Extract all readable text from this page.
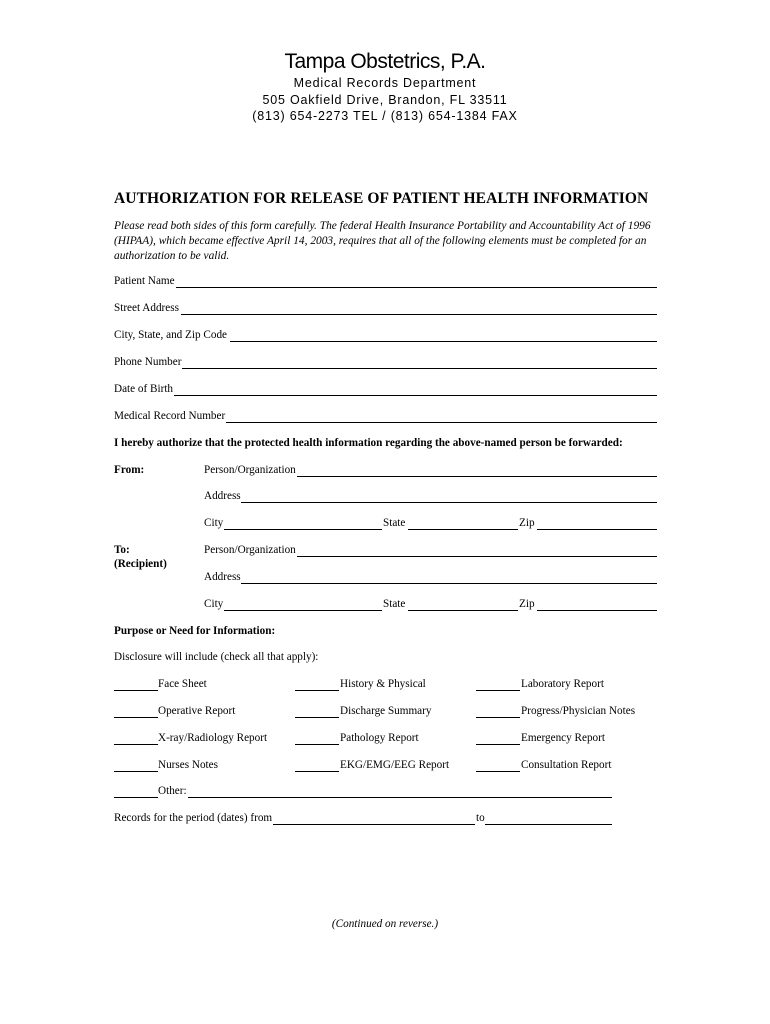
Tampa Obstetrics, P.A.
Medical Records Department
505 Oakfield Drive, Brandon, FL 33511
(813) 654-2273 TEL / (813) 654-1384 FAX
AUTHORIZATION FOR RELEASE OF PATIENT HEALTH INFORMATION
Please read both sides of this form carefully. The federal Health Insurance Portability and Accountability Act of 1996 (HIPAA), which became effective April 14, 2003, requires that all of the following elements must be completed for an authorization to be valid.
Patient Name
Street Address
City, State, and Zip Code
Phone Number
Date of Birth
Medical Record Number
I hereby authorize that the protected health information regarding the above-named person be forwarded:
From:	Person/Organization
Address
City	State	Zip
To:
(Recipient)
Person/Organization
Address
City	State	Zip
Purpose or Need for Information:
Disclosure will include (check all that apply):
Face Sheet	History & Physical	Laboratory Report
Operative Report	Discharge Summary	Progress/Physician Notes
X-ray/Radiology Report	Pathology Report	Emergency Report
Nurses Notes	EKG/EMG/EEG Report	Consultation Report
Other:
Records for the period (dates) from	to
(Continued on reverse.)
